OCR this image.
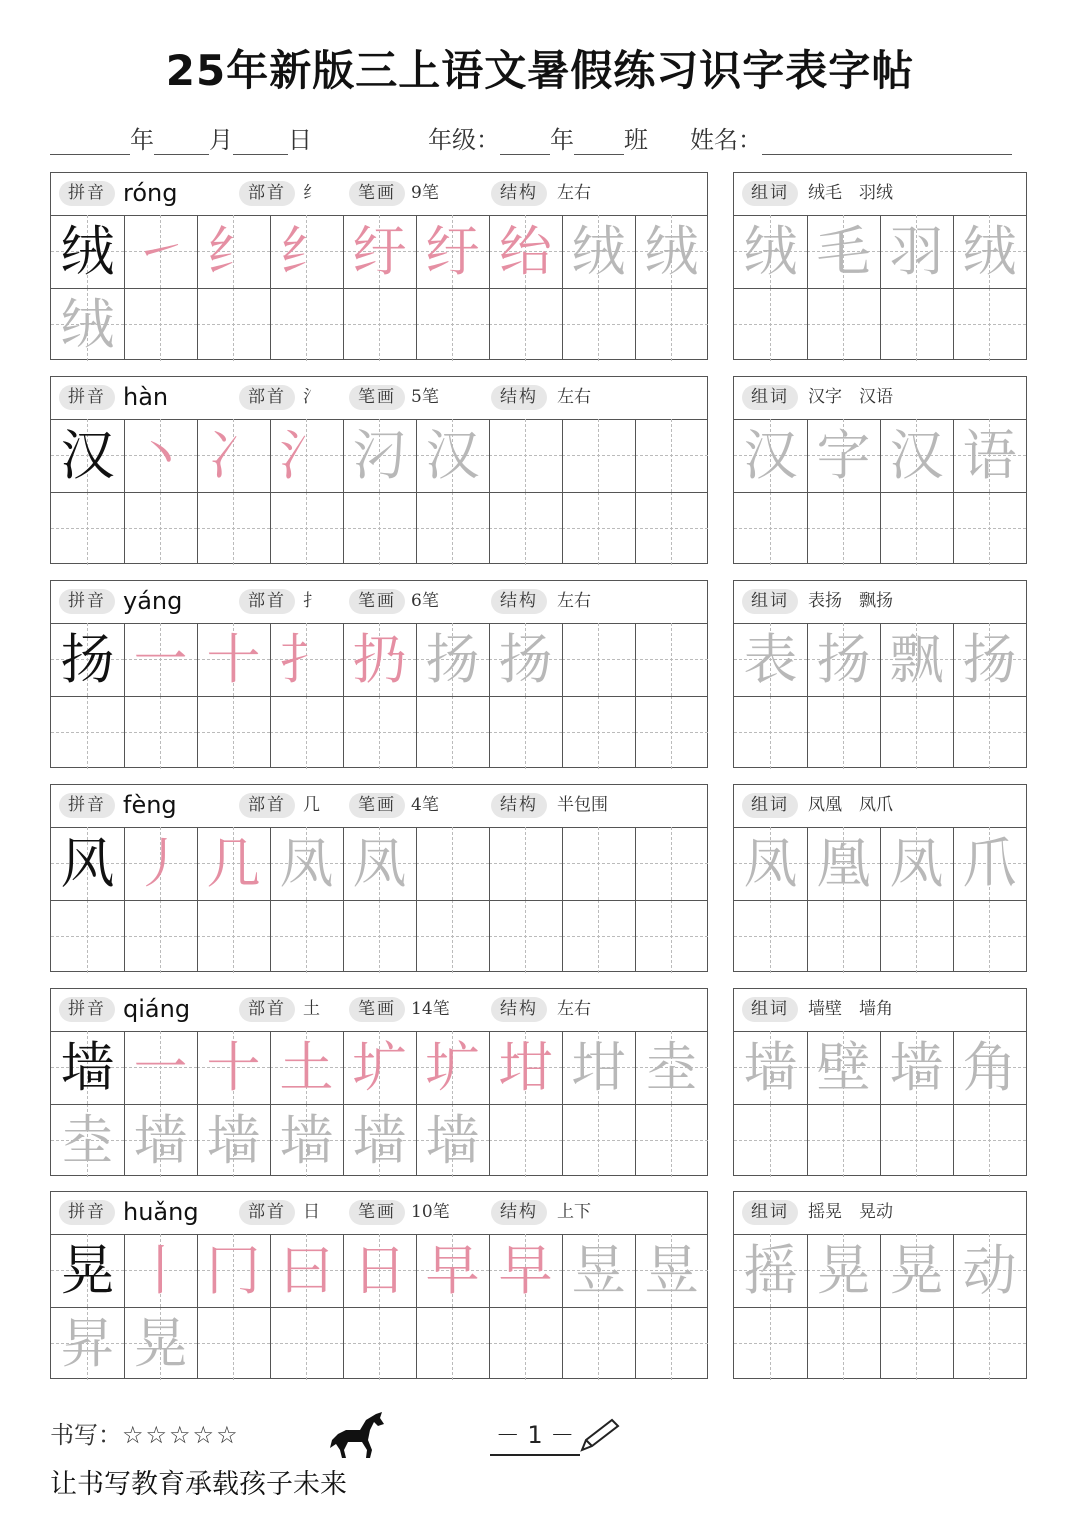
25年新版三上语文暑假练习识字表字帖
年 月 日	年级： 年 班 姓名：
拼音 róng	部首	纟	笔画 9笔	结构	左右
绒 ㇀ 纟 纟 纡 纡 绐 绒 绒
绒
组词	绒毛　羽绒
绒 毛 羽 绒
拼音 hàn	部首	氵	笔画 5笔	结构	左右
汉 丶 冫 氵 汈 汉
组词	汉字　汉语
汉 字 汉 语
拼音 yáng	部首	扌	笔画 6笔	结构	左右
扬 一 十 扌 扔 扬 扬
组词	表扬　飘扬
表 扬 飘 扬
拼音 fèng	部首	几	笔画 4笔	结构	半包围
风 丿 几 凤 凤
组词	凤凰　凤爪
凤 凰 凤 爪
拼音 qiáng	部首	土	笔画 14笔	结构	左右
墙 一 十 土 圹 圹 坩 坩 坴
坴 墙 墙 墙 墙 墙
组词	墙壁　墙角
墙 壁 墙 角
拼音 huǎng	部首	日	笔画 10笔	结构	上下
晃 丨 冂 曰 日 早 早 昱 昱
昇 晃
组词	摇晃　晃动
摇 晃 晃 动
书写：☆☆☆☆☆	－ 1 －
让书写教育承载孩子未来
